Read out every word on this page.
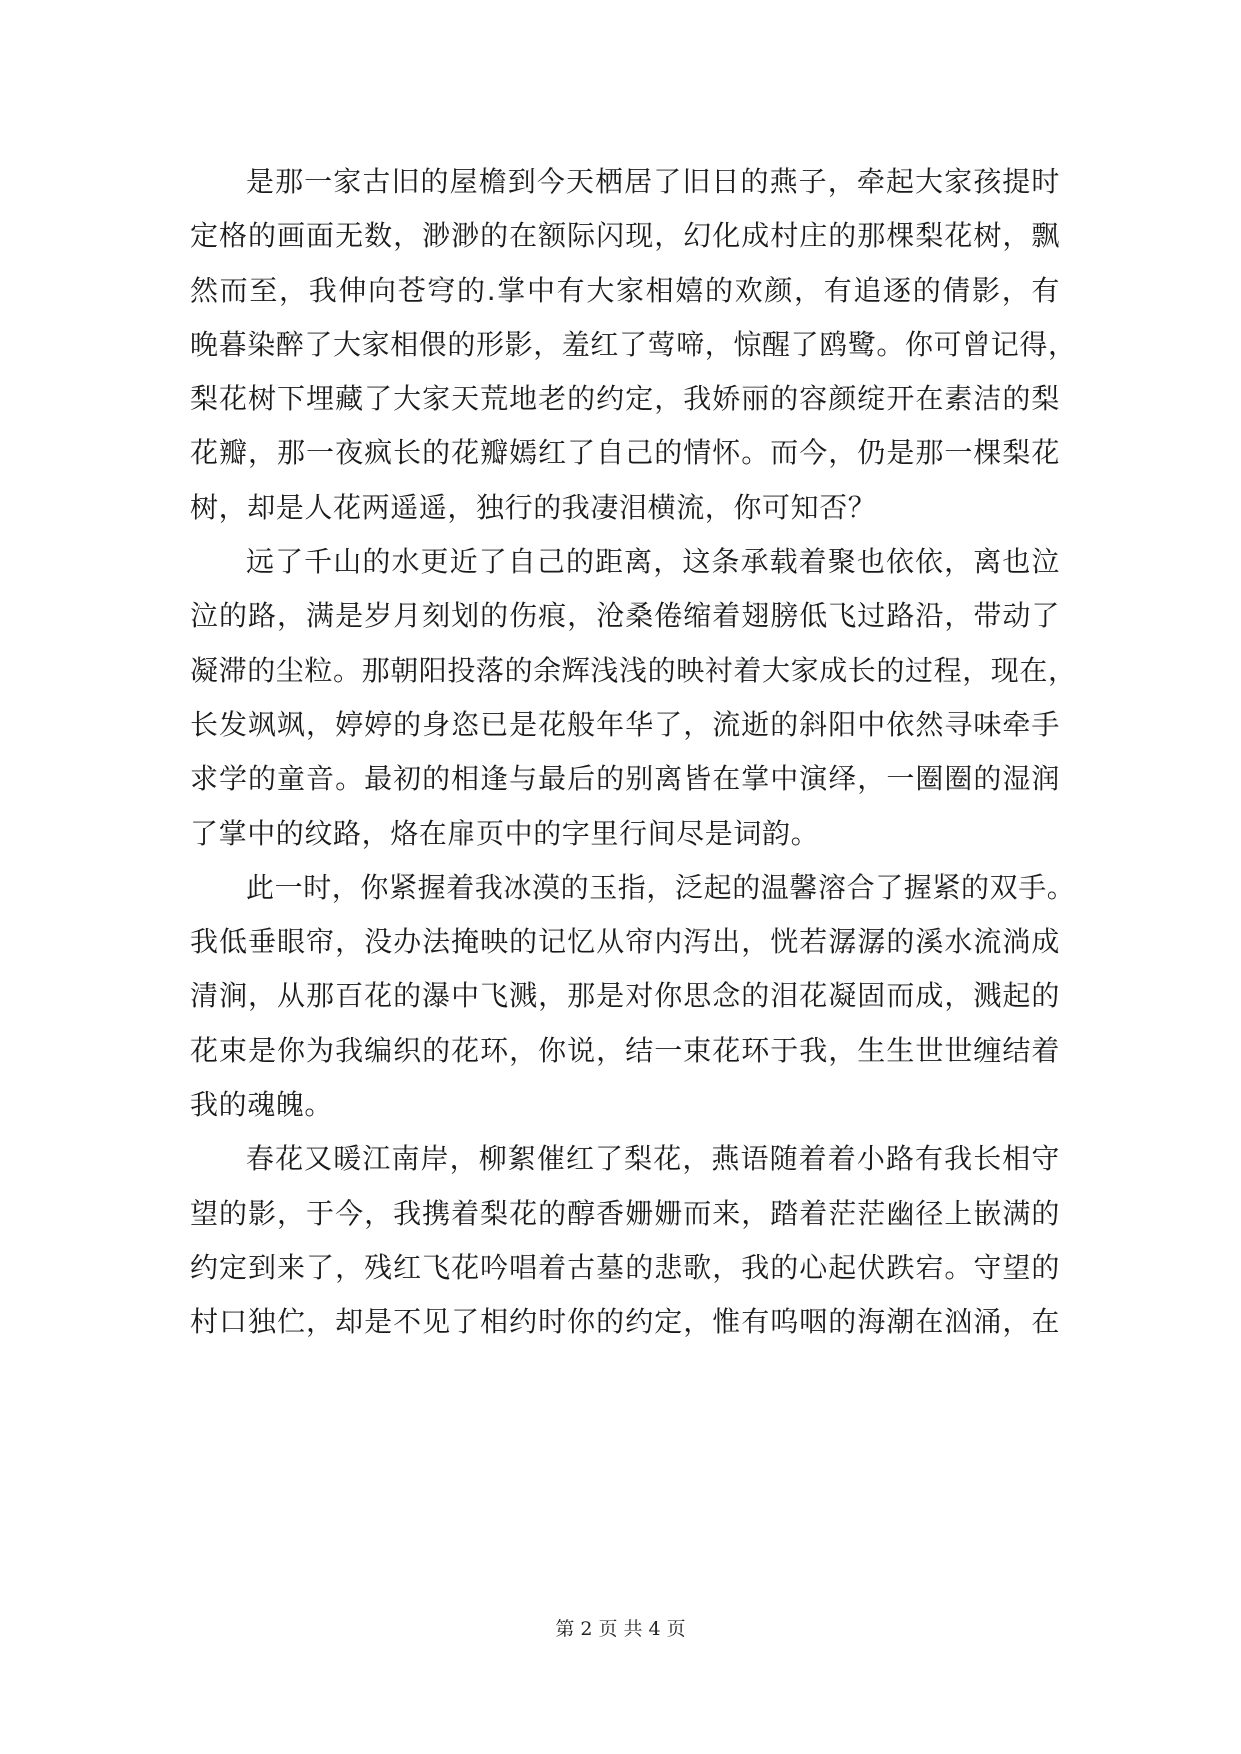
是那一家古旧的屋檐到今天栖居了旧日的燕子，牵起大家孩提时
定格的画面无数，渺渺的在额际闪现，幻化成村庄的那棵梨花树，飘
然而至，我伸向苍穹的.掌中有大家相嬉的欢颜，有追逐的倩影，有
晚暮染醉了大家相偎的形影，羞红了莺啼，惊醒了鸥鹭。你可曾记得，
梨花树下埋藏了大家天荒地老的约定，我娇丽的容颜绽开在素洁的梨
花瓣，那一夜疯长的花瓣嫣红了自己的情怀。而今，仍是那一棵梨花
树，却是人花两遥遥，独行的我凄泪横流，你可知否？

远了千山的水更近了自己的距离，这条承载着聚也依依，离也泣
泣的路，满是岁月刻划的伤痕，沧桑倦缩着翅膀低飞过路沿，带动了
凝滞的尘粒。那朝阳投落的余辉浅浅的映衬着大家成长的过程，现在，
长发飒飒，婷婷的身恣已是花般年华了，流逝的斜阳中依然寻味牵手
求学的童音。最初的相逢与最后的别离皆在掌中演绎，一圈圈的湿润
了掌中的纹路，烙在扉页中的字里行间尽是词韵。

此一时，你紧握着我冰漠的玉指，泛起的温馨溶合了握紧的双手。
我低垂眼帘，没办法掩映的记忆从帘内泻出，恍若潺潺的溪水流淌成
清涧，从那百花的瀑中飞溅，那是对你思念的泪花凝固而成，溅起的
花束是你为我编织的花环，你说，结一束花环于我，生生世世缠结着
我的魂魄。

春花又暖江南岸，柳絮催红了梨花，燕语随着着小路有我长相守
望的影，于今，我携着梨花的醇香姗姗而来，踏着茫茫幽径上嵌满的
约定到来了，残红飞花吟唱着古墓的悲歌，我的心起伏跌宕。守望的
村口独伫，却是不见了相约时你的约定，惟有呜咽的海潮在汹涌，在

第 2 页 共 4 页
